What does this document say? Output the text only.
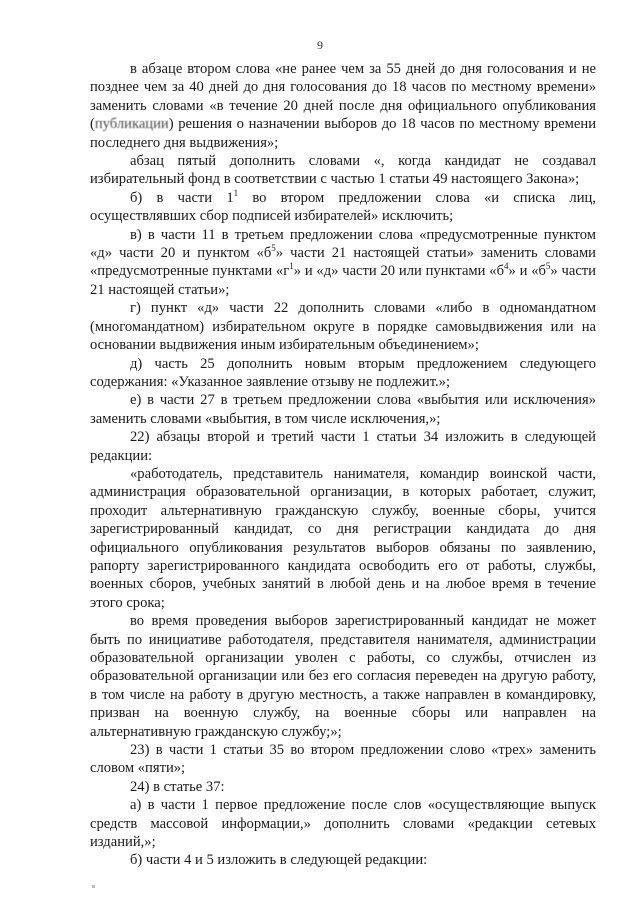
9

в абзаце втором слова «не ранее чем за 55 дней до дня голосования и не позднее чем за 40 дней до дня голосования до 18 часов по местному времени» заменить словами «в течение 20 дней после дня официального опубликования (публикации) решения о назначении выборов до 18 часов по местному времени последнего дня выдвижения»;

абзац пятый дополнить словами «, когда кандидат не создавал избирательный фонд в соответствии с частью 1 статьи 49 настоящего Закона»;

б) в части $1^1$ во втором предложении слова «и списка лиц, осуществлявших сбор подписей избирателей» исключить;

в) в части 11 в третьем предложении слова «предусмотренные пунктом «д» части 20 и пунктом «$б^5$» части 21 настоящей статьи» заменить словами «предусмотренные пунктами «$г^1$» и «д» части 20 или пунктами «$б^4$» и «$б^5$» части 21 настоящей статьи»;

г) пункт «д» части 22 дополнить словами «либо в одномандатном (многомандатном) избирательном округе в порядке самовыдвижения или на основании выдвижения иным избирательным объединением»;

д) часть 25 дополнить новым вторым предложением следующего содержания: «Указанное заявление отзыву не подлежит.»;

е) в части 27 в третьем предложении слова «выбытия или исключения» заменить словами «выбытия, в том числе исключения,»;

22) абзацы второй и третий части 1 статьи 34 изложить в следующей редакции:

«работодатель, представитель нанимателя, командир воинской части, администрация образовательной организации, в которых работает, служит, проходит альтернативную гражданскую службу, военные сборы, учится зарегистрированный кандидат, со дня регистрации кандидата до дня официального опубликования результатов выборов обязаны по заявлению, рапорту зарегистрированного кандидата освободить его от работы, службы, военных сборов, учебных занятий в любой день и на любое время в течение этого срока;

во время проведения выборов зарегистрированный кандидат не может быть по инициативе работодателя, представителя нанимателя, администрации образовательной организации уволен с работы, со службы, отчислен из образовательной организации или без его согласия переведен на другую работу, в том числе на работу в другую местность, а также направлен в командировку, призван на военную службу, на военные сборы или направлен на альтернативную гражданскую службу;»;

23) в части 1 статьи 35 во втором предложении слово «трех» заменить словом «пяти»;

24) в статье 37:

а) в части 1 первое предложение после слов «осуществляющие выпуск средств массовой информации,» дополнить словами «редакции сетевых изданий,»;

б) части 4 и 5 изложить в следующей редакции:
